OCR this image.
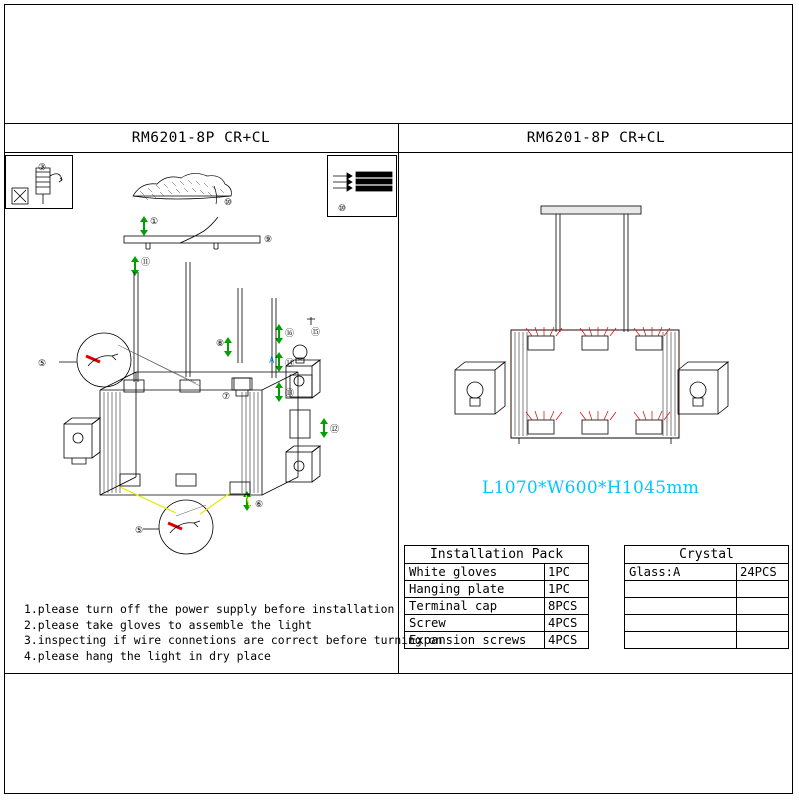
RM6201-8P CR+CL	RM6201-8P CR+CL
1.please turn off the power supply before installation
2.please take gloves to assemble the light
3.inspecting if wire connetions are correct before turning on
4.please hang the light in dry place
L1070*W600*H1045mm
Installation Pack	
White gloves	1PC
Hanging plate	1PC
Terminal cap	8PCS
Screw	4PCS
Expansion screws	4PCS
Crystal	
Glass:A	24PCS

⑩
⑩
⑨
①
⑪
⑧
⑯
⑭
⑬
⑫
⑥
⑦
A
⑮
③
⑤
⑤
